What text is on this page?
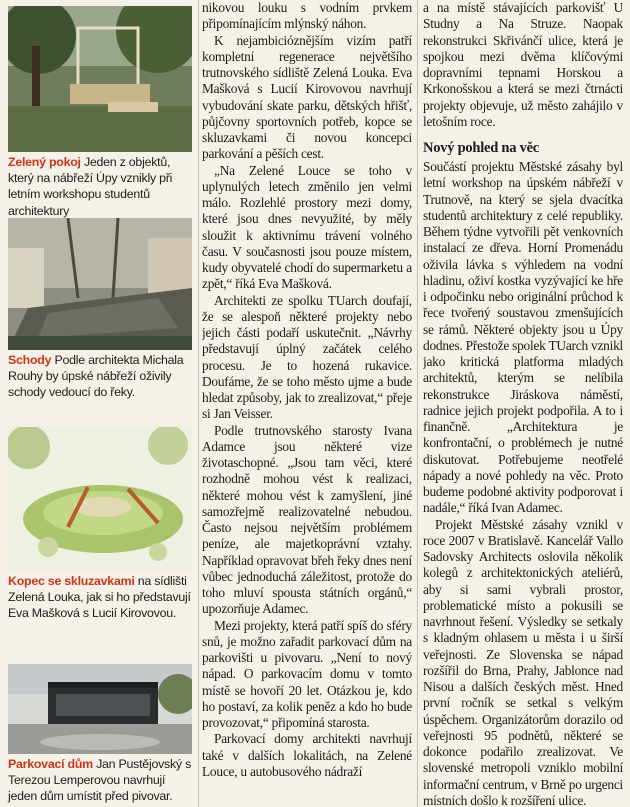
Zelený pokoj Jeden z objektů, který na nábřeží Úpy vznikly při letním workshopu studentů architektury
Schody Podle architekta Michala Rouhy by úpské nábřeží oživily schody vedoucí do řeky.
Kopec se skluzavkami na sídlišti Zelená Louka, jak si ho představují Eva Mašková s Lucií Kirovovou.
Parkovací dům Jan Pustějovský s Terezou Lemperovou navrhují jeden dům umístit před pivovar.

nikovou louku s vodním prvkem připomínajícím mlýnský náhon.

K nejambicióznějším vizím patří kompletní regenerace největšího trutnovského sídliště Zelená Louka. Eva Mašková s Lucií Kirovovou navrhují vybudování skate parku, dětských hřišť, půjčovny sportovních potřeb, kopce se skluzavkami či novou koncepci parkování a pěších cest.

„Na Zelené Louce se toho v uplynulých letech změnilo jen velmi málo. Rozlehlé prostory mezi domy, které jsou dnes nevyužité, by měly sloužit k aktivnímu trávení volného času. V současnosti jsou pouze místem, kudy obyvatelé chodí do supermarketu a zpět,“ říká Eva Mašková.

Architekti ze spolku TUarch doufají, že se alespoň některé projekty nebo jejich části podaří uskutečnit. „Návrhy představují úplný začátek celého procesu. Je to hozená rukavice. Doufáme, že se toho město ujme a bude hledat způsoby, jak to zrealizovat,“ přeje si Jan Veisser.

Podle trutnovského starosty Ivana Adamce jsou některé vize životaschopné. „Jsou tam věci, které rozhodně mohou vést k realizaci, některé mohou vést k zamyšlení, jiné samozřejmě realizovatelné nebudou. Často nejsou největším problémem peníze, ale majetkoprávní vztahy. Například opravovat břeh řeky dnes není vůbec jednoduchá záležitost, protože do toho mluví spousta státních orgánů,“ upozorňuje Adamec.

Mezi projekty, která patří spíš do sféry snů, je možno zařadit parkovací dům na parkovišti u pivovaru. „Není to nový nápad. O parkovacím domu v tomto místě se hovoří 20 let. Otázkou je, kdo ho postaví, za kolik peněz a kdo ho bude provozovat,“ připomíná starosta.

Parkovací domy architekti navrhují také v dalších lokalitách, na Zelené Louce, u autobusového nádraží

a na místě stávajících parkovišť U Studny a Na Struze. Naopak rekonstrukci Skřivánčí ulice, která je spojkou mezi dvěma klíčovými dopravními tepnami Horskou a Krkonošskou a která se mezi čtrnácti projekty objevuje, už město zahájilo v letošním roce.

Nový pohled na věc

Součástí projektu Městské zásahy byl letní workshop na úpském nábřeží v Trutnově, na který se sjela dvacítka studentů architektury z celé republiky. Během týdne vytvořili pět venkovních instalací ze dřeva. Horní Promenádu oživila lávka s výhledem na vodní hladinu, oživí kostka vyzývající ke hře i odpočinku nebo originální průchod k řece tvořený soustavou zmenšujících se rámů. Některé objekty jsou u Úpy dodnes. Přestože spolek TUarch vznikl jako kritická platforma mladých architektů, kterým se nelíbila rekonstrukce Jiráskova náměstí, radnice jejich projekt podpořila. A to i finančně. „Architektura je konfrontační, o problémech je nutné diskutovat. Potřebujeme neotřelé nápady a nové pohledy na věc. Proto budeme podobné aktivity podporovat i nadále,“ říká Ivan Adamec.

Projekt Městské zásahy vznikl v roce 2007 v Bratislavě. Kancelář Vallo Sadovsky Architects oslovila několik kolegů z architektonických ateliérů, aby si sami vybrali prostor, problematické místo a pokusili se navrhnout řešení. Výsledky se setkaly s kladným ohlasem u města i u širší veřejnosti. Ze Slovenska se nápad rozšířil do Brna, Prahy, Jablonce nad Nisou a dalších českých měst. Hned první ročník se setkal s velkým úspěchem. Organizátorům dorazilo od veřejnosti 95 podnětů, některé se dokonce podařilo zrealizovat. Ve slovenské metropoli vzniklo mobilní informační centrum, v Brně po urgenci místních došlo k rozšíření ulice.
